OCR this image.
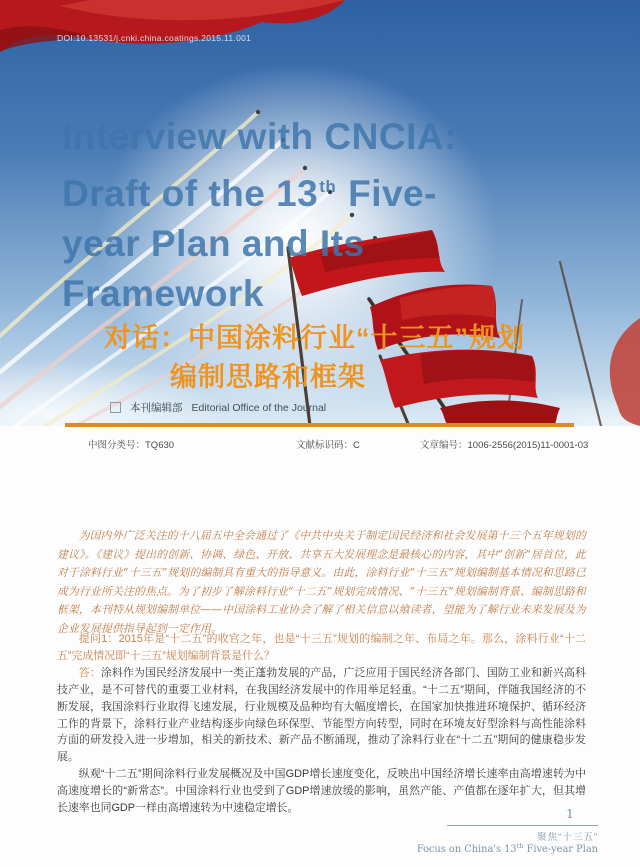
DOI:10.13531/j.cnki.china.coatings.2015.11.001
Interview with CNCIA:
Draft of the 13th Five-
year Plan and Its
Framework
对话：中国涂料行业“十三五”规划
编制思路和框架
本刊编辑部 Editorial Office of the Journal
中图分类号：TQ630	文献标识码：C	文章编号：1006-2556(2015)11-0001-03

为国内外广泛关注的十八届五中全会通过了《中共中央关于制定国民经济和社会发展第十三个五年规划的建议》。《建议》提出的创新、协调、绿色、开放、共享五大发展理念是最核心的内容，其中“创新”居首位，此对于涂料行业“十三五”规划的编制具有重大的指导意义。由此，涂料行业“十三五”规划编制基本情况和思路已成为行业所关注的焦点。为了初步了解涂料行业“十二五”规划完成情况、“十三五”规划编制背景、编制思路和框架，本刊特从规划编制单位——中国涂料工业协会了解了相关信息以飨读者，望能为了解行业未来发展及为企业发展提供指导起到一定作用。

提问1：2015年是“十二五”的收官之年，也是“十三五”规划的编制之年、布局之年。那么，涂料行业“十二五”完成情况即“十三五”规划编制背景是什么？

答：涂料作为国民经济发展中一类正蓬勃发展的产品，广泛应用于国民经济各部门、国防工业和新兴高科技产业，是不可替代的重要工业材料，在我国经济发展中的作用举足轻重。“十二五”期间，伴随我国经济的不断发展，我国涂料行业取得飞速发展，行业规模及品种均有大幅度增长，在国家加快推进环境保护、循环经济工作的背景下，涂料行业产业结构逐步向绿色环保型、节能型方向转型，同时在环境友好型涂料与高性能涂料方面的研发投入进一步增加，相关的新技术、新产品不断涌现，推动了涂料行业在“十二五”期间的健康稳步发展。

纵观“十二五”期间涂料行业发展概况及中国GDP增长速度变化，反映出中国经济增长速率由高增速转为中高速度增长的“新常态”。中国涂料行业也受到了GDP增速放缓的影响，虽然产能、产值都在逐年扩大，但其增长速率也同GDP一样由高增速转为中速稳定增长。	1
聚焦“十三五”
Focus on China's 13th Five-year Plan
